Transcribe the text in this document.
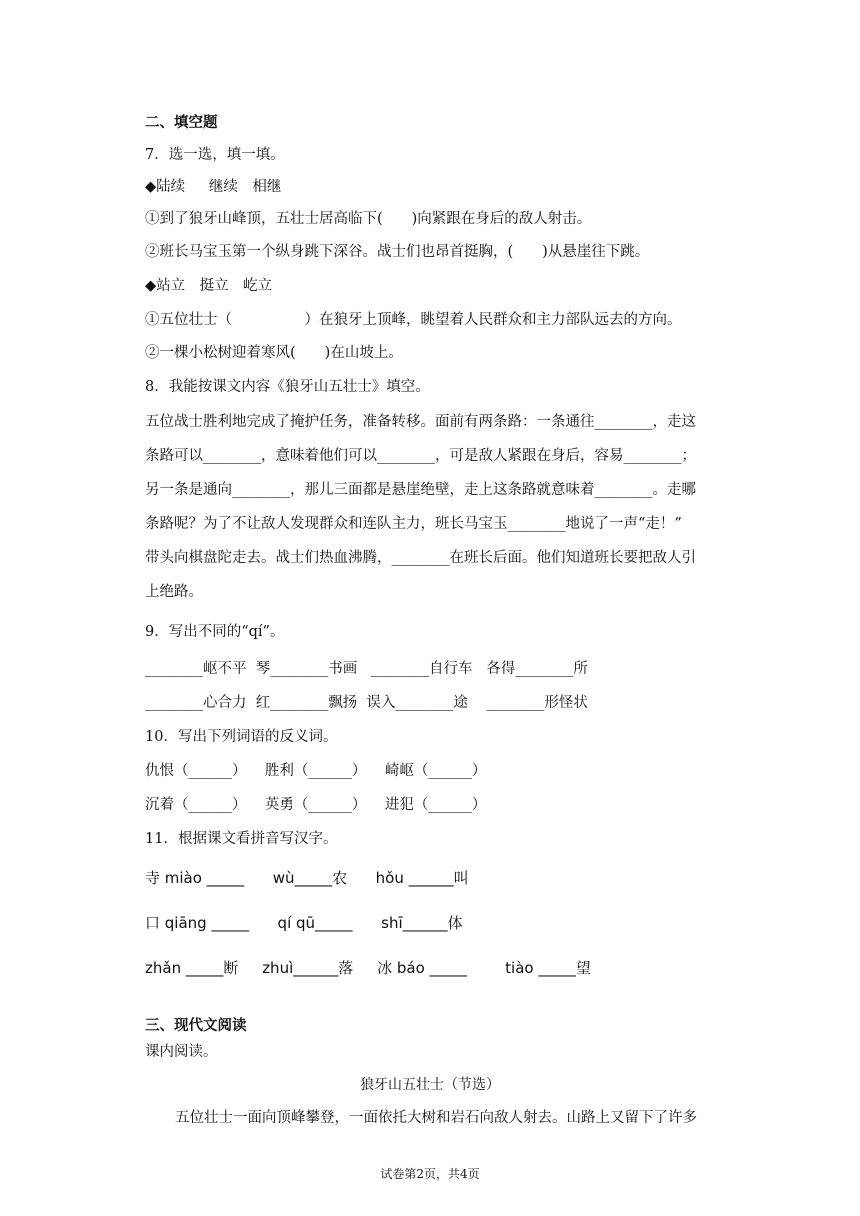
二、填空题
7．选一选，填一填。
◆陆续　  继续　相继
①到了狼牙山峰顶，五壮士居高临下(　　)向紧跟在身后的敌人射击。
②班长马宝玉第一个纵身跳下深谷。战士们也昂首挺胸，(　　)从悬崖往下跳。
◆站立　挺立　屹立
①五位壮士（　　　　　）在狼牙上顶峰，眺望着人民群众和主力部队远去的方向。
②一棵小松树迎着寒风(　　)在山坡上。
8．我能按课文内容《狼牙山五壮士》填空。
五位战士胜利地完成了掩护任务，准备转移。面前有两条路：一条通往________，走这
条路可以________，意味着他们可以________，可是敌人紧跟在身后，容易________；
另一条是通向________，那儿三面都是悬崖绝壁，走上这条路就意味着________。走哪
条路呢？为了不让敌人发现群众和连队主力，班长马宝玉________地说了一声“走！”
带头向棋盘陀走去。战士们热血沸腾，________在班长后面。他们知道班长要把敌人引
上绝路。
9．写出不同的“qí”。
________岖不平  琴________书画   ________自行车   各得________所
________心合力  红________飘扬  误入________途    ________形怪状
10．写出下列词语的反义词。
仇恨（______）    胜利（______）    崎岖（______）
沉着（______）    英勇（______）    进犯（______）
11．根据课文看拼音写汉字。
寺 miào _____      wù_____农      hǒu ______叫
口 qiāng _____      qí qū_____      shī______体
zhǎn _____断     zhuì______落     冰 báo _____        tiào _____望
三、现代文阅读
课内阅读。
狼牙山五壮士（节选）
五位壮士一面向顶峰攀登，一面依托大树和岩石向敌人射去。山路上又留下了许多
试卷第2页，共4页
